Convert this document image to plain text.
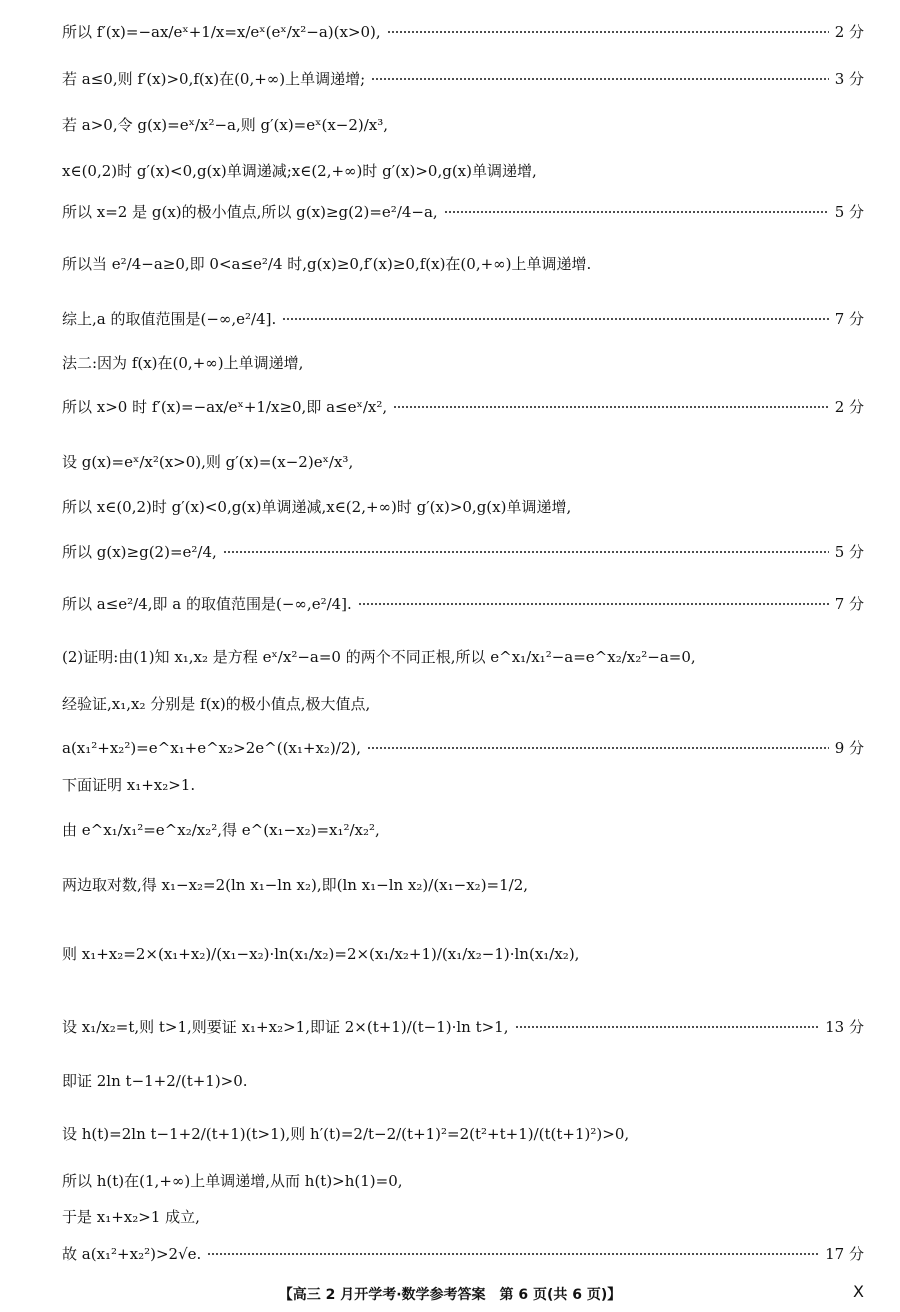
所以 f′(x)=−ax/eˣ+1/x=x/eˣ(eˣ/x²−a)(x>0),	2 分
若 a≤0,则 f′(x)>0,f(x)在(0,+∞)上单调递增;	3 分
若 a>0,令 g(x)=eˣ/x²−a,则 g′(x)=eˣ(x−2)/x³,
x∈(0,2)时 g′(x)<0,g(x)单调递减;x∈(2,+∞)时 g′(x)>0,g(x)单调递增,
所以 x=2 是 g(x)的极小值点,所以 g(x)≥g(2)=e²/4−a,	5 分
所以当 e²/4−a≥0,即 0<a≤e²/4 时,g(x)≥0,f′(x)≥0,f(x)在(0,+∞)上单调递增.
综上,a 的取值范围是(−∞,e²/4].	7 分
法二:因为 f(x)在(0,+∞)上单调递增,
所以 x>0 时 f′(x)=−ax/eˣ+1/x≥0,即 a≤eˣ/x²,	2 分
设 g(x)=eˣ/x²(x>0),则 g′(x)=(x−2)eˣ/x³,
所以 x∈(0,2)时 g′(x)<0,g(x)单调递减,x∈(2,+∞)时 g′(x)>0,g(x)单调递增,
所以 g(x)≥g(2)=e²/4,	5 分
所以 a≤e²/4,即 a 的取值范围是(−∞,e²/4].	7 分
(2)证明:由(1)知 x₁,x₂ 是方程 eˣ/x²−a=0 的两个不同正根,所以 e^x₁/x₁²−a=e^x₂/x₂²−a=0,
经验证,x₁,x₂ 分别是 f(x)的极小值点,极大值点,
a(x₁²+x₂²)=e^x₁+e^x₂>2e^((x₁+x₂)/2),	9 分
下面证明 x₁+x₂>1.
由 e^x₁/x₁²=e^x₂/x₂²,得 e^(x₁−x₂)=x₁²/x₂²,
两边取对数,得 x₁−x₂=2(ln x₁−ln x₂),即(ln x₁−ln x₂)/(x₁−x₂)=1/2,
则 x₁+x₂=2×(x₁+x₂)/(x₁−x₂)·ln(x₁/x₂)=2×(x₁/x₂+1)/(x₁/x₂−1)·ln(x₁/x₂),
设 x₁/x₂=t,则 t>1,则要证 x₁+x₂>1,即证 2×(t+1)/(t−1)·ln t>1,	13 分
即证 2ln t−1+2/(t+1)>0.
设 h(t)=2ln t−1+2/(t+1)(t>1),则 h′(t)=2/t−2/(t+1)²=2(t²+t+1)/(t(t+1)²)>0,
所以 h(t)在(1,+∞)上单调递增,从而 h(t)>h(1)=0,
于是 x₁+x₂>1 成立,
故 a(x₁²+x₂²)>2√e.	17 分
【高三 2 月开学考·数学参考答案　第 6 页(共 6 页)】	X
